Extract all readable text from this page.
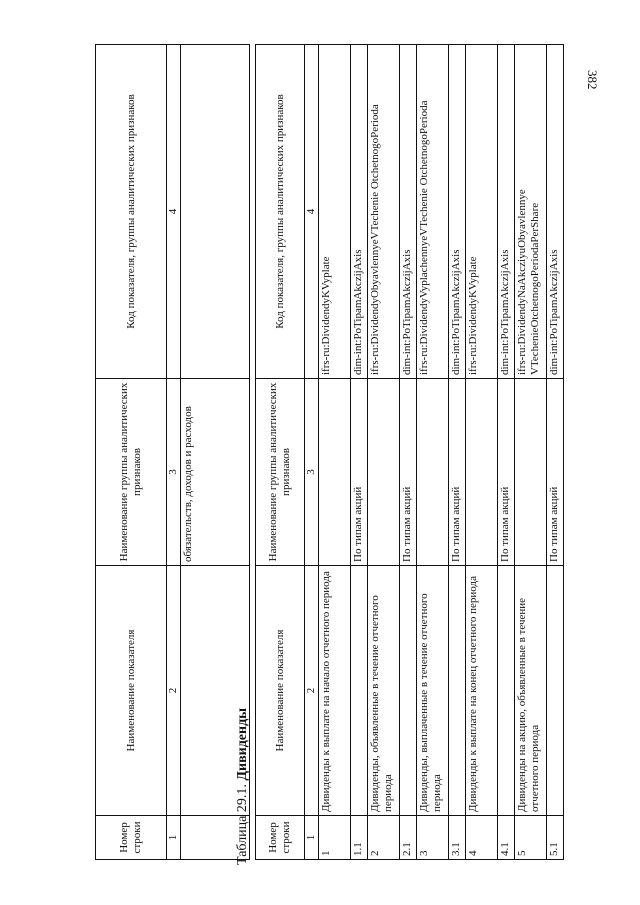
382
Номер строки	Наименование показателя	Наименование группы аналитических признаков	Код показателя, группы аналитических признаков
1	2	3	4
		обязательств, доходов и расходов	
Таблица 29.1. Дивиденды
Номер строки	Наименование показателя	Наименование группы аналитических признаков	Код показателя, группы аналитических признаков
1	2	3	4
1	Дивиденды к выплате на начало отчетного периода		ifrs-ru:DividendyKVyplate
1.1		По типам акций	dim-int:PoTipamAkczijAxis
2	Дивиденды, объявленные в течение отчетного периода		ifrs-ru:DividendyObyavlennyeVTechenie OtchetnogoPerioda
2.1		По типам акций	dim-int:PoTipamAkczijAxis
3	Дивиденды, выплаченные в течение отчетного периода		ifrs-ru:DividendyVyplachennyeVTechenie OtchetnogoPerioda
3.1		По типам акций	dim-int:PoTipamAkczijAxis
4	Дивиденды к выплате на конец отчетного периода		ifrs-ru:DividendyKVyplate
4.1		По типам акций	dim-int:PoTipamAkczijAxis
5	Дивиденды на акцию, объявленные в течение отчетного периода		ifrs-ru:DividendyNaAkcziyuObyavlennye VTechenieOtchetnogoPeriodaPerShare
5.1		По типам акций	dim-int:PoTipamAkczijAxis
